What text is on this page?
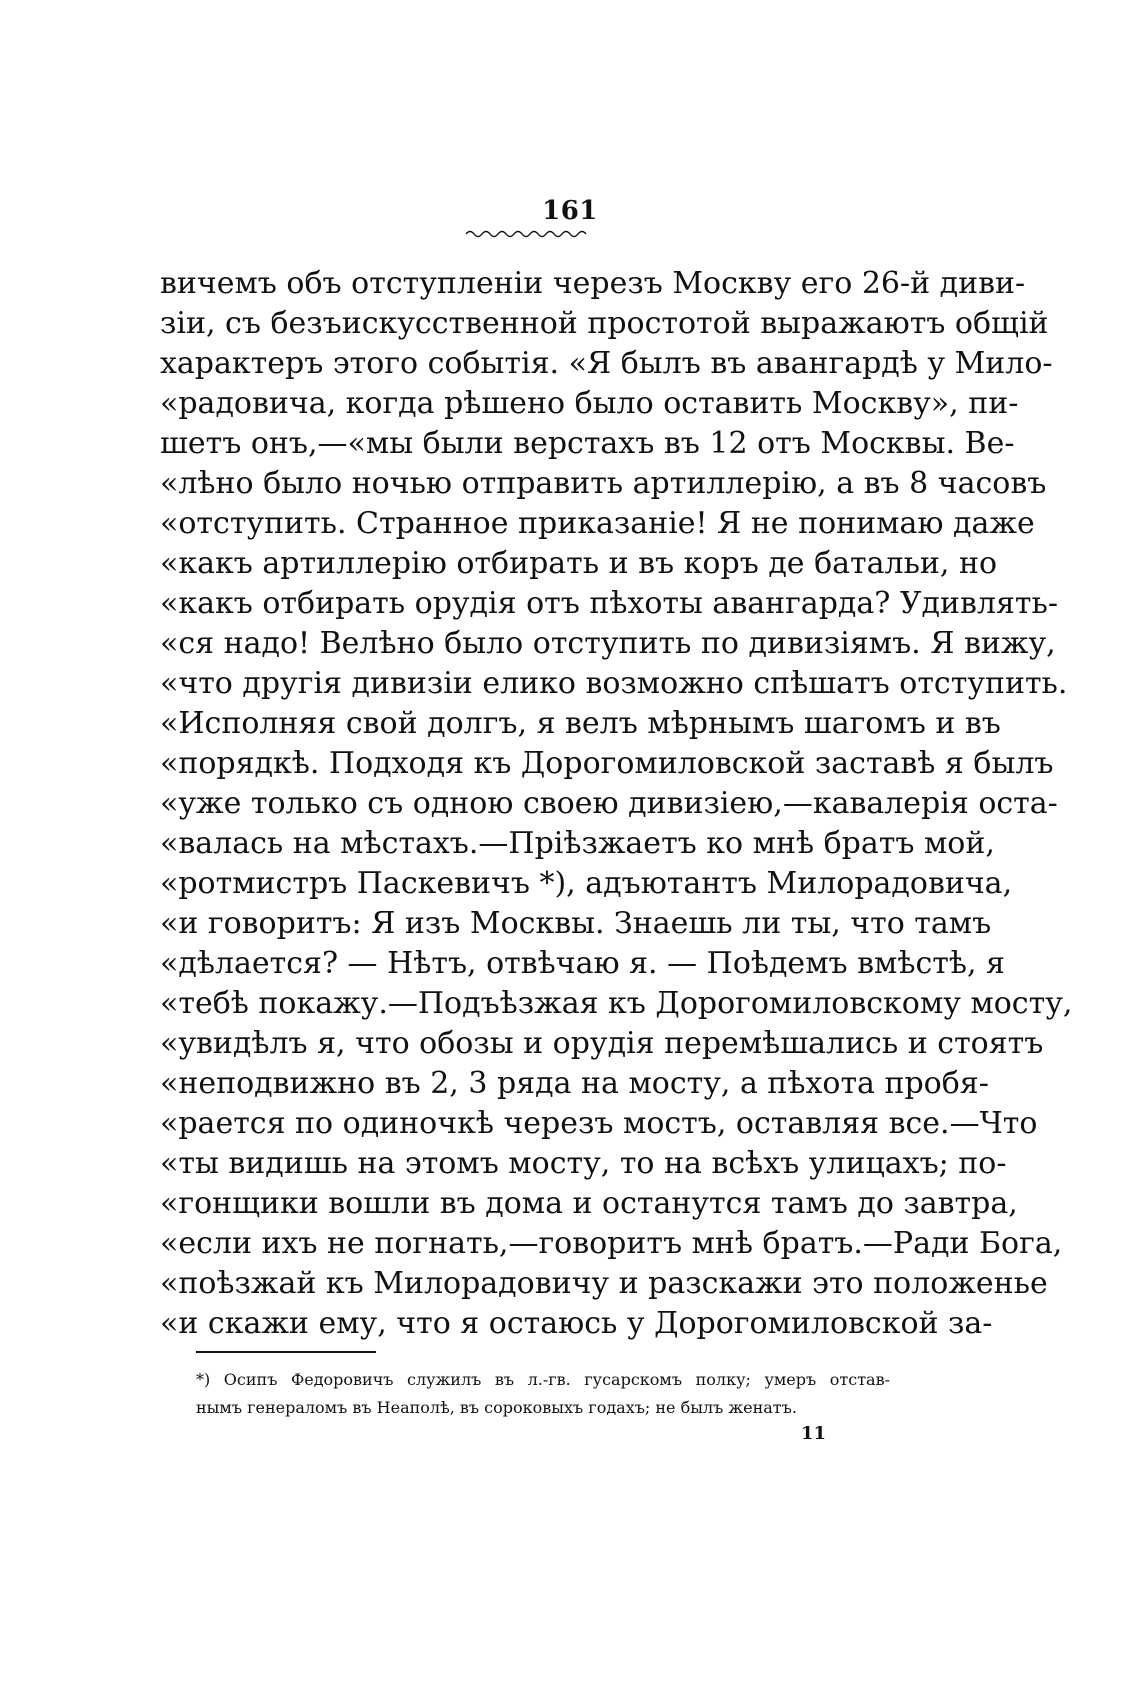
161
вичемъ объ отступленіи черезъ Москву его 26-й диви-
зіи, съ безъискусственной простотой выражаютъ общій
характеръ этого событія. «Я былъ въ авангардѣ у Мило-
«радовича, когда рѣшено было оставить Москву», пи-
шетъ онъ,—«мы были верстахъ въ 12 отъ Москвы. Ве-
«лѣно было ночью отправить артиллерію, а въ 8 часовъ
«отступить. Странное приказаніе! Я не понимаю даже
«какъ артиллерію отбирать и въ коръ де батальи, но
«какъ отбирать орудія отъ пѣхоты авангарда? Удивлять-
«ся надо! Велѣно было отступить по дивизіямъ. Я вижу,
«что другія дивизіи елико возможно спѣшатъ отступить.
«Исполняя свой долгъ, я велъ мѣрнымъ шагомъ и въ
«порядкѣ. Подходя къ Дорогомиловской заставѣ я былъ
«уже только съ одною своею дивизіею,—кавалерія оста-
«валась на мѣстахъ.—Пріѣзжаетъ ко мнѣ братъ мой,
«ротмистръ Паскевичъ *), адъютантъ Милорадовича,
«и говоритъ: Я изъ Москвы. Знаешь ли ты, что тамъ
«дѣлается? — Нѣтъ, отвѣчаю я. — Поѣдемъ вмѣстѣ, я
«тебѣ покажу.—Подъѣзжая къ Дорогомиловскому мосту,
«увидѣлъ я, что обозы и орудія перемѣшались и стоятъ
«неподвижно въ 2, 3 ряда на мосту, а пѣхота пробя-
«рается по одиночкѣ черезъ мостъ, оставляя все.—Что
«ты видишь на этомъ мосту, то на всѣхъ улицахъ; по-
«гонщики вошли въ дома и останутся тамъ до завтра,
«если ихъ не погнать,—говоритъ мнѣ братъ.—Ради Бога,
«поѣзжай къ Милорадовичу и разскажи это положенье
«и скажи ему, что я остаюсь у Дорогомиловской за-
*) Осипъ Федоровичъ служилъ въ л.-гв. гусарскомъ полку; умеръ отстав-
нымъ генераломъ въ Неаполѣ, въ сороковыхъ годахъ; не былъ женатъ.
11
